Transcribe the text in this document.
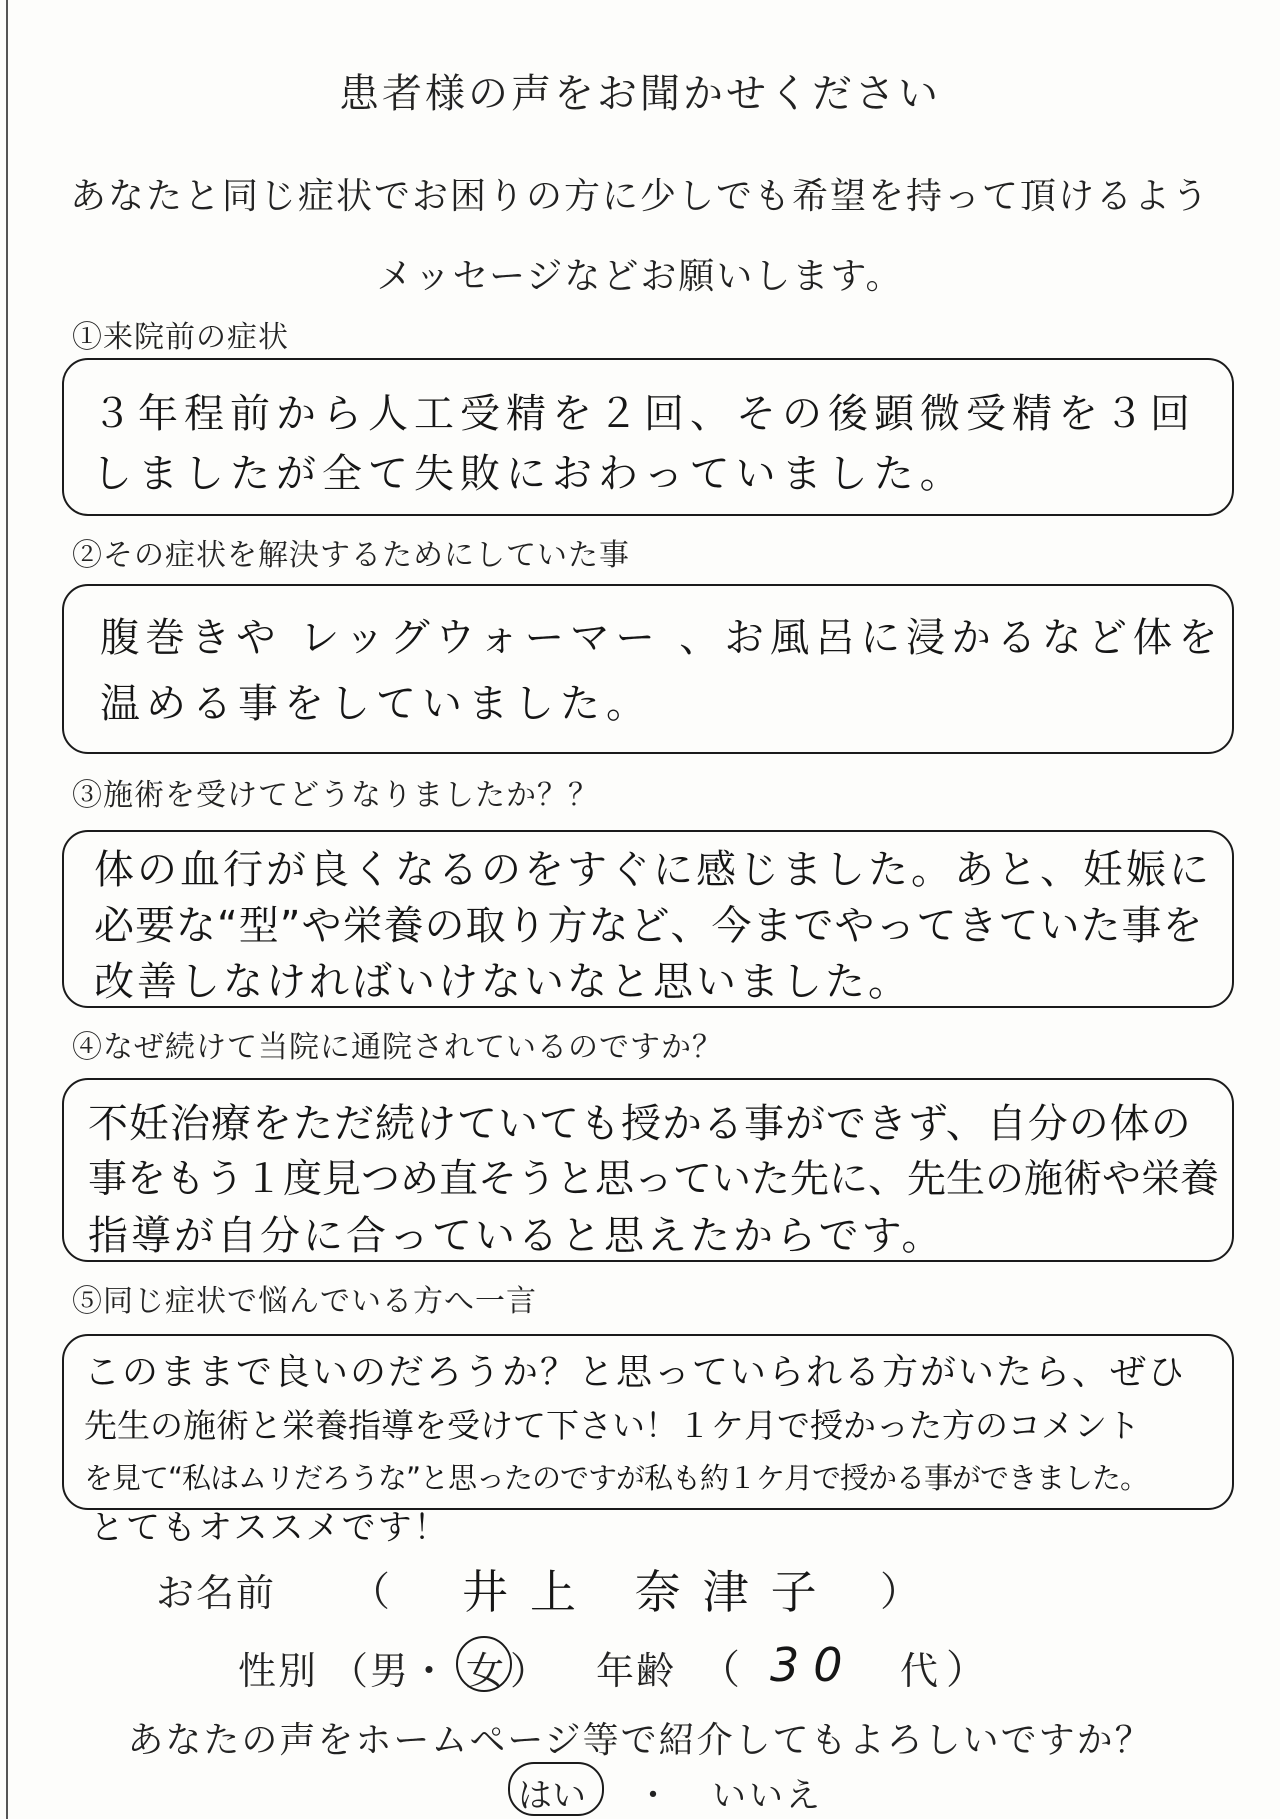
患者様の声をお聞かせください
あなたと同じ症状でお困りの方に少しでも希望を持って頂けるよう
メッセージなどお願いします。
①来院前の症状
３年程前から人工受精を２回、その後顕微受精を３回
しましたが全て失敗におわっていました。
②その症状を解決するためにしていた事
腹巻きや レッグウォーマー 、お風呂に浸かるなど体を
温める事をしていました。
③施術を受けてどうなりましたか？？
体の血行が良くなるのをすぐに感じました。あと、妊娠に
必要な“型”や栄養の取り方など、今までやってきていた事を
改善しなければいけないなと思いました。
④なぜ続けて当院に通院されているのですか？
不妊治療をただ続けていても授かる事ができず、自分の体の
事をもう１度見つめ直そうと思っていた先に、先生の施術や栄養
指導が自分に合っていると思えたからです。
⑤同じ症状で悩んでいる方へ一言
このままで良いのだろうか？と思っていられる方がいたら、ぜひ
先生の施術と栄養指導を受けて下さい！１ケ月で授かった方のコメント
を見て“私はムリだろうな”と思ったのですが私も約１ケ月で授かる事ができました。
とてもオススメです！
お名前 （ 井上 奈津子 ）
性別 （男・ 女 ） 年齢 （ 30 代 ）
あなたの声をホームページ等で紹介してもよろしいですか？
はい ・ いいえ
